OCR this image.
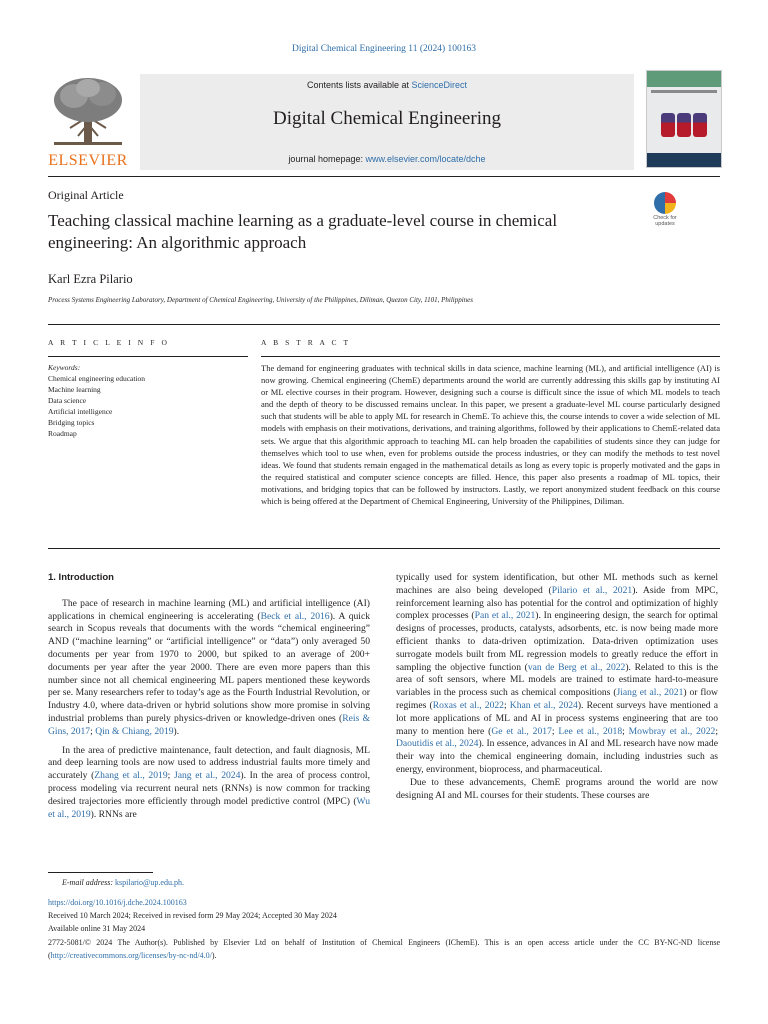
Digital Chemical Engineering 11 (2024) 100163
ELSEVIER
Contents lists available at ScienceDirect
Digital Chemical Engineering
journal homepage: www.elsevier.com/locate/dche
Original Article
Teaching classical machine learning as a graduate-level course in chemical engineering: An algorithmic approach
Check for updates
Karl Ezra Pilario
Process Systems Engineering Laboratory, Department of Chemical Engineering, University of the Philippines, Diliman, Quezon City, 1101, Philippines
A R T I C L E I N F O	A B S T R A C T
Keywords:
Chemical engineering education
Machine learning
Data science
Artificial intelligence
Bridging topics
Roadmap
The demand for engineering graduates with technical skills in data science, machine learning (ML), and artificial intelligence (AI) is now growing. Chemical engineering (ChemE) departments around the world are currently addressing this skills gap by instituting AI or ML elective courses in their program. However, designing such a course is difficult since the issue of which ML models to teach and the depth of theory to be discussed remains unclear. In this paper, we present a graduate-level ML course particularly designed such that students will be able to apply ML for research in ChemE. To achieve this, the course intends to cover a wide selection of ML models with emphasis on their motivations, derivations, and training algorithms, followed by their applications to ChemE-related data sets. We argue that this algorithmic approach to teaching ML can help broaden the capabilities of students since they can judge for themselves which tool to use when, even for problems outside the process industries, or they can modify the methods to test novel ideas. We found that students remain engaged in the mathematical details as long as every topic is properly motivated and the gaps in the required statistical and computer science concepts are filled. Hence, this paper also presents a roadmap of ML topics, their motivations, and bridging topics that can be followed by instructors. Lastly, we report anonymized student feedback on this course which is being offered at the Department of Chemical Engineering, University of the Philippines, Diliman.

1. Introduction

The pace of research in machine learning (ML) and artificial intelligence (AI) applications in chemical engineering is accelerating (Beck et al., 2016). A quick search in Scopus reveals that documents with the words “chemical engineering” AND (“machine learning” or “artificial intelligence” or “data”) only averaged 50 documents per year from 1970 to 2000, but spiked to an average of 200+ documents per year after the year 2000. There are even more papers than this number since not all chemical engineering ML papers mentioned these keywords per se. Many researchers refer to today’s age as the Fourth Industrial Revolution, or Industry 4.0, where data-driven or hybrid solutions show more promise in solving industrial problems than purely physics-driven or knowledge-driven ones (Reis & Gins, 2017; Qin & Chiang, 2019).

In the area of predictive maintenance, fault detection, and fault diagnosis, ML and deep learning tools are now used to address industrial faults more timely and accurately (Zhang et al., 2019; Jang et al., 2024). In the area of process control, process modeling via recurrent neural nets (RNNs) is now common for tracking desired trajectories more efficiently through model predictive control (MPC) (Wu et al., 2019). RNNs are

typically used for system identification, but other ML methods such as kernel machines are also being developed (Pilario et al., 2021). Aside from MPC, reinforcement learning also has potential for the control and optimization of highly complex processes (Pan et al., 2021). In engineering design, the search for optimal designs of processes, products, catalysts, adsorbents, etc. is now being made more efficient thanks to data-driven optimization. Data-driven optimization uses surrogate models built from ML regression models to greatly reduce the effort in sampling the objective function (van de Berg et al., 2022). Related to this is the area of soft sensors, where ML models are trained to estimate hard-to-measure variables in the process such as chemical compositions (Jiang et al., 2021) or flow regimes (Roxas et al., 2022; Khan et al., 2024). Recent surveys have mentioned a lot more applications of ML and AI in process systems engineering that are too many to mention here (Ge et al., 2017; Lee et al., 2018; Mowbray et al., 2022; Daoutidis et al., 2024). In essence, advances in AI and ML research have now made their way into the chemical engineering domain, including industries such as energy, environment, bioprocess, and pharmaceutical.

Due to these advancements, ChemE programs around the world are now designing AI and ML courses for their students. These courses are

E-mail address: kspilario@up.edu.ph.
https://doi.org/10.1016/j.dche.2024.100163
Received 10 March 2024; Received in revised form 29 May 2024; Accepted 30 May 2024
Available online 31 May 2024
2772-5081/© 2024 The Author(s). Published by Elsevier Ltd on behalf of Institution of Chemical Engineers (IChemE). This is an open access article under the CC BY-NC-ND license (http://creativecommons.org/licenses/by-nc-nd/4.0/).
